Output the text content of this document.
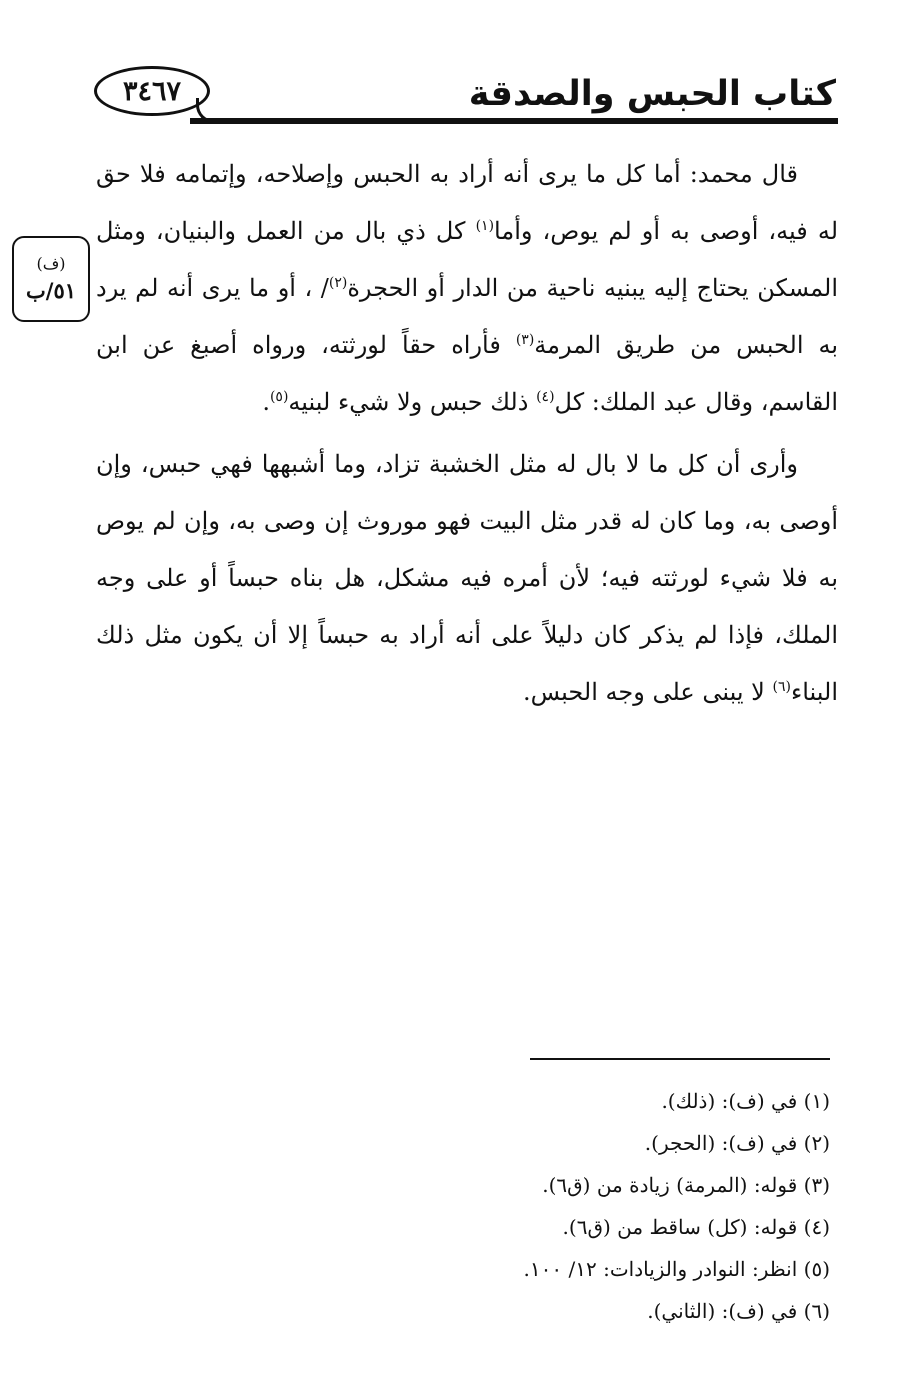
كتاب الحبس والصدقة
٣٤٦٧
(ف)
٥١/ب

قال محمد: أما كل ما يرى أنه أراد به الحبس وإصلاحه، وإتمامه فلا حق له فيه، أوصى به أو لم يوص، وأما$^{(١)}$ كل ذي بال من العمل والبنيان، ومثل المسكن يحتاج إليه يبنيه ناحية من الدار أو الحجرة$^{(٢)}$/ ، أو ما يرى أنه لم يرد به الحبس من طريق المرمة$^{(٣)}$ فأراه حقاً لورثته، ورواه أصبغ عن ابن القاسم، وقال عبد الملك: كل$^{(٤)}$ ذلك حبس ولا شيء لبنيه$^{(٥)}$.

وأرى أن كل ما لا بال له مثل الخشبة تزاد، وما أشبهها فهي حبس، وإن أوصى به، وما كان له قدر مثل البيت فهو موروث إن وصى به، وإن لم يوص به فلا شيء لورثته فيه؛ لأن أمره فيه مشكل، هل بناه حبساً أو على وجه الملك، فإذا لم يذكر كان دليلاً على أنه أراد به حبساً إلا أن يكون مثل ذلك البناء$^{(٦)}$ لا يبنى على وجه الحبس.

(١) في (ف): (ذلك).
(٢) في (ف): (الحجر).
(٣) قوله: (المرمة) زيادة من (ق٦).
(٤) قوله: (كل) ساقط من (ق٦).
(٥) انظر: النوادر والزيادات: ١٢/ ١٠٠.
(٦) في (ف): (الثاني).
